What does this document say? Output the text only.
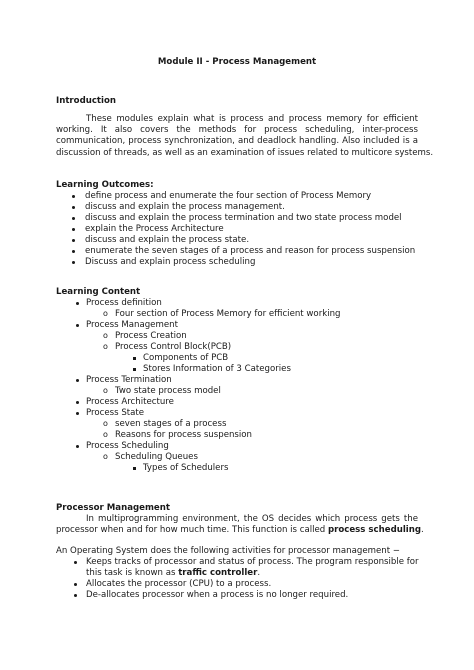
Module II - Process Management
Introduction
These modules explain what is process and process memory for efficient
working. It also covers the methods for process scheduling, inter-process
communication, process synchronization, and deadlock handling. Also included is a
discussion of threads, as well as an examination of issues related to multicore systems.
Learning Outcomes:
define process and enumerate the four section of Process Memory
discuss and explain the process management.
discuss and explain the process termination and two state process model
explain the Process Architecture
discuss and explain the process state.
enumerate the seven stages of a process and reason for process suspension
Discuss and explain process scheduling
Learning Content
Process definition
o Four section of Process Memory for efficient working
Process Management
o Process Creation
o Process Control Block(PCB)
Components of PCB
Stores Information of 3 Categories
Process Termination
o Two state process model
Process Architecture
Process State
o seven stages of a process
o Reasons for process suspension
Process Scheduling
o Scheduling Queues
Types of Schedulers
Processor Management
In multiprogramming environment, the OS decides which process gets the
processor when and for how much time. This function is called process scheduling.
An Operating System does the following activities for processor management −
Keeps tracks of processor and status of process. The program responsible for
this task is known as traffic controller.
Allocates the processor (CPU) to a process.
De-allocates processor when a process is no longer required.
